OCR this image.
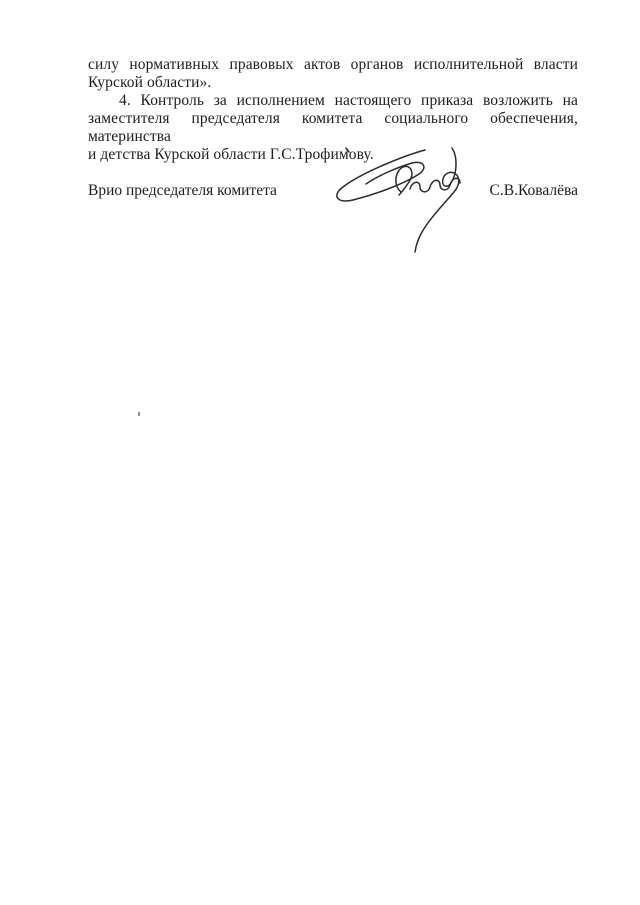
силу нормативных правовых актов органов исполнительной власти
Курской области».
4. Контроль за исполнением настоящего приказа возложить на
заместителя председателя комитета социального обеспечения, материнства
и детства Курской области Г.С.Трофимову.
Врио председателя комитета	С.В.Ковалёва
